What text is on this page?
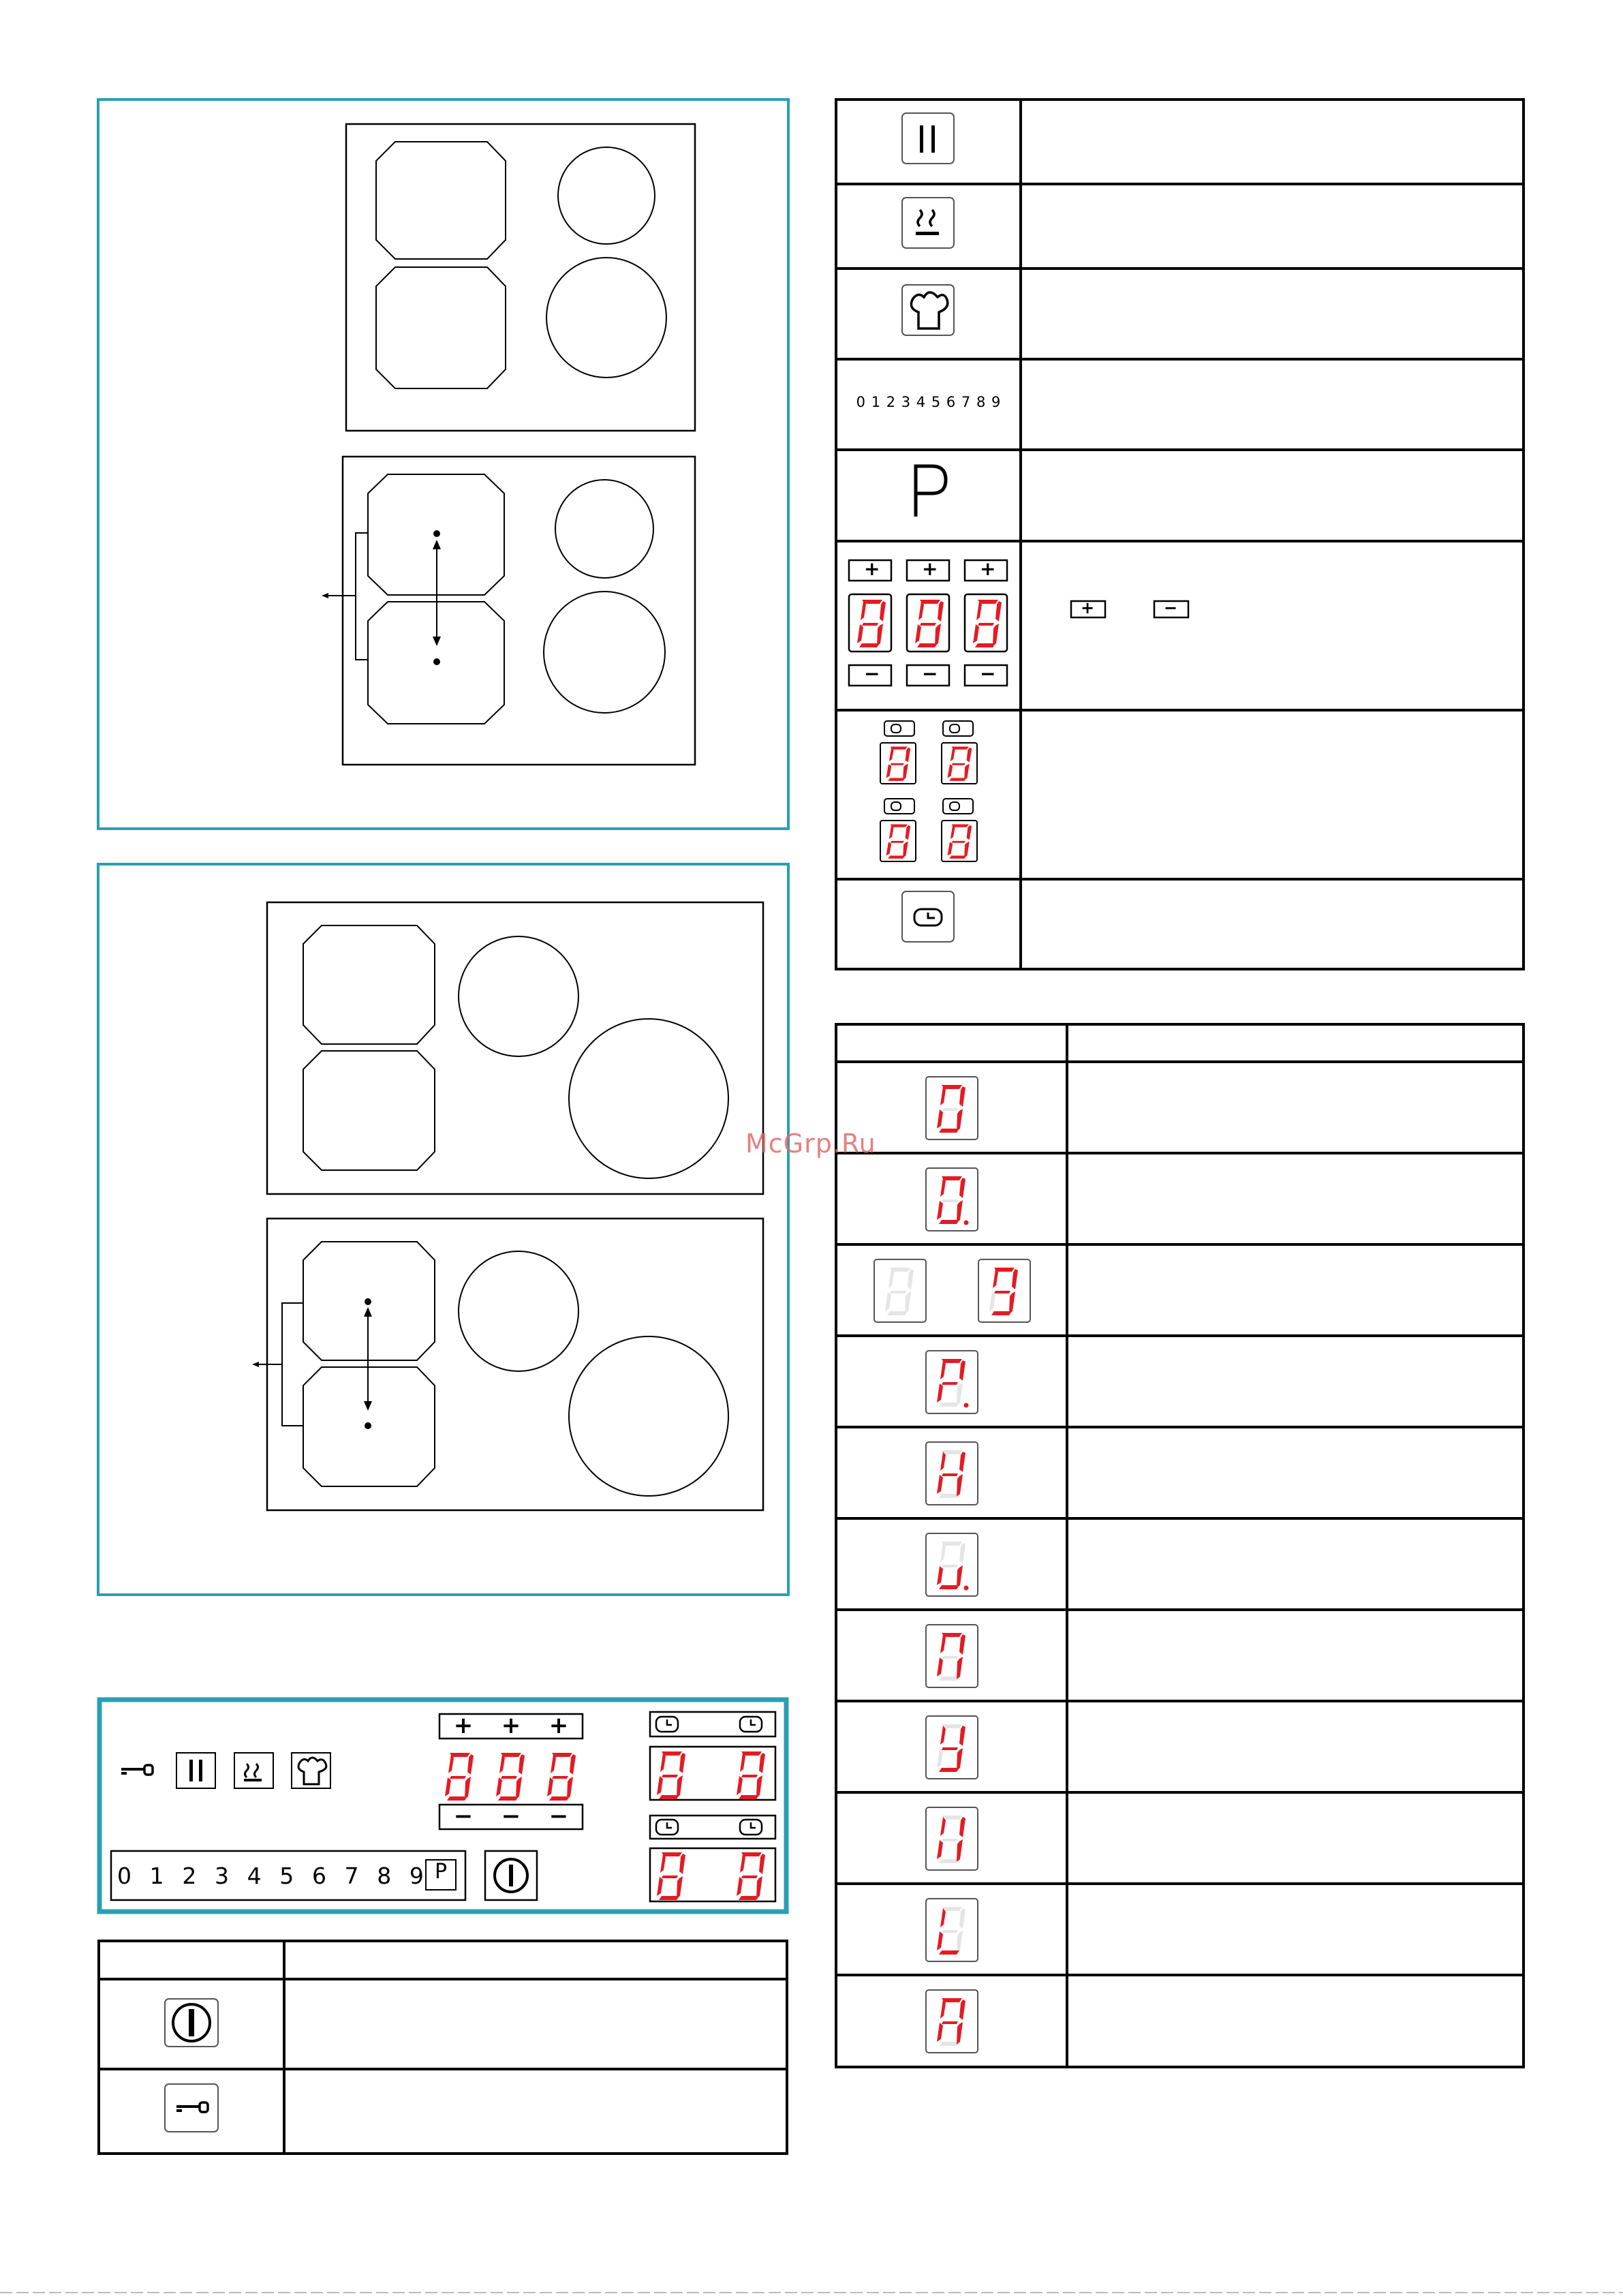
McGrp.Ru
+ + +
− − −
0 1 2 3 4 5 6 7 8 9 P
0 1 2 3 4 5 6 7 8 9
+ + +
− − −
+	−
